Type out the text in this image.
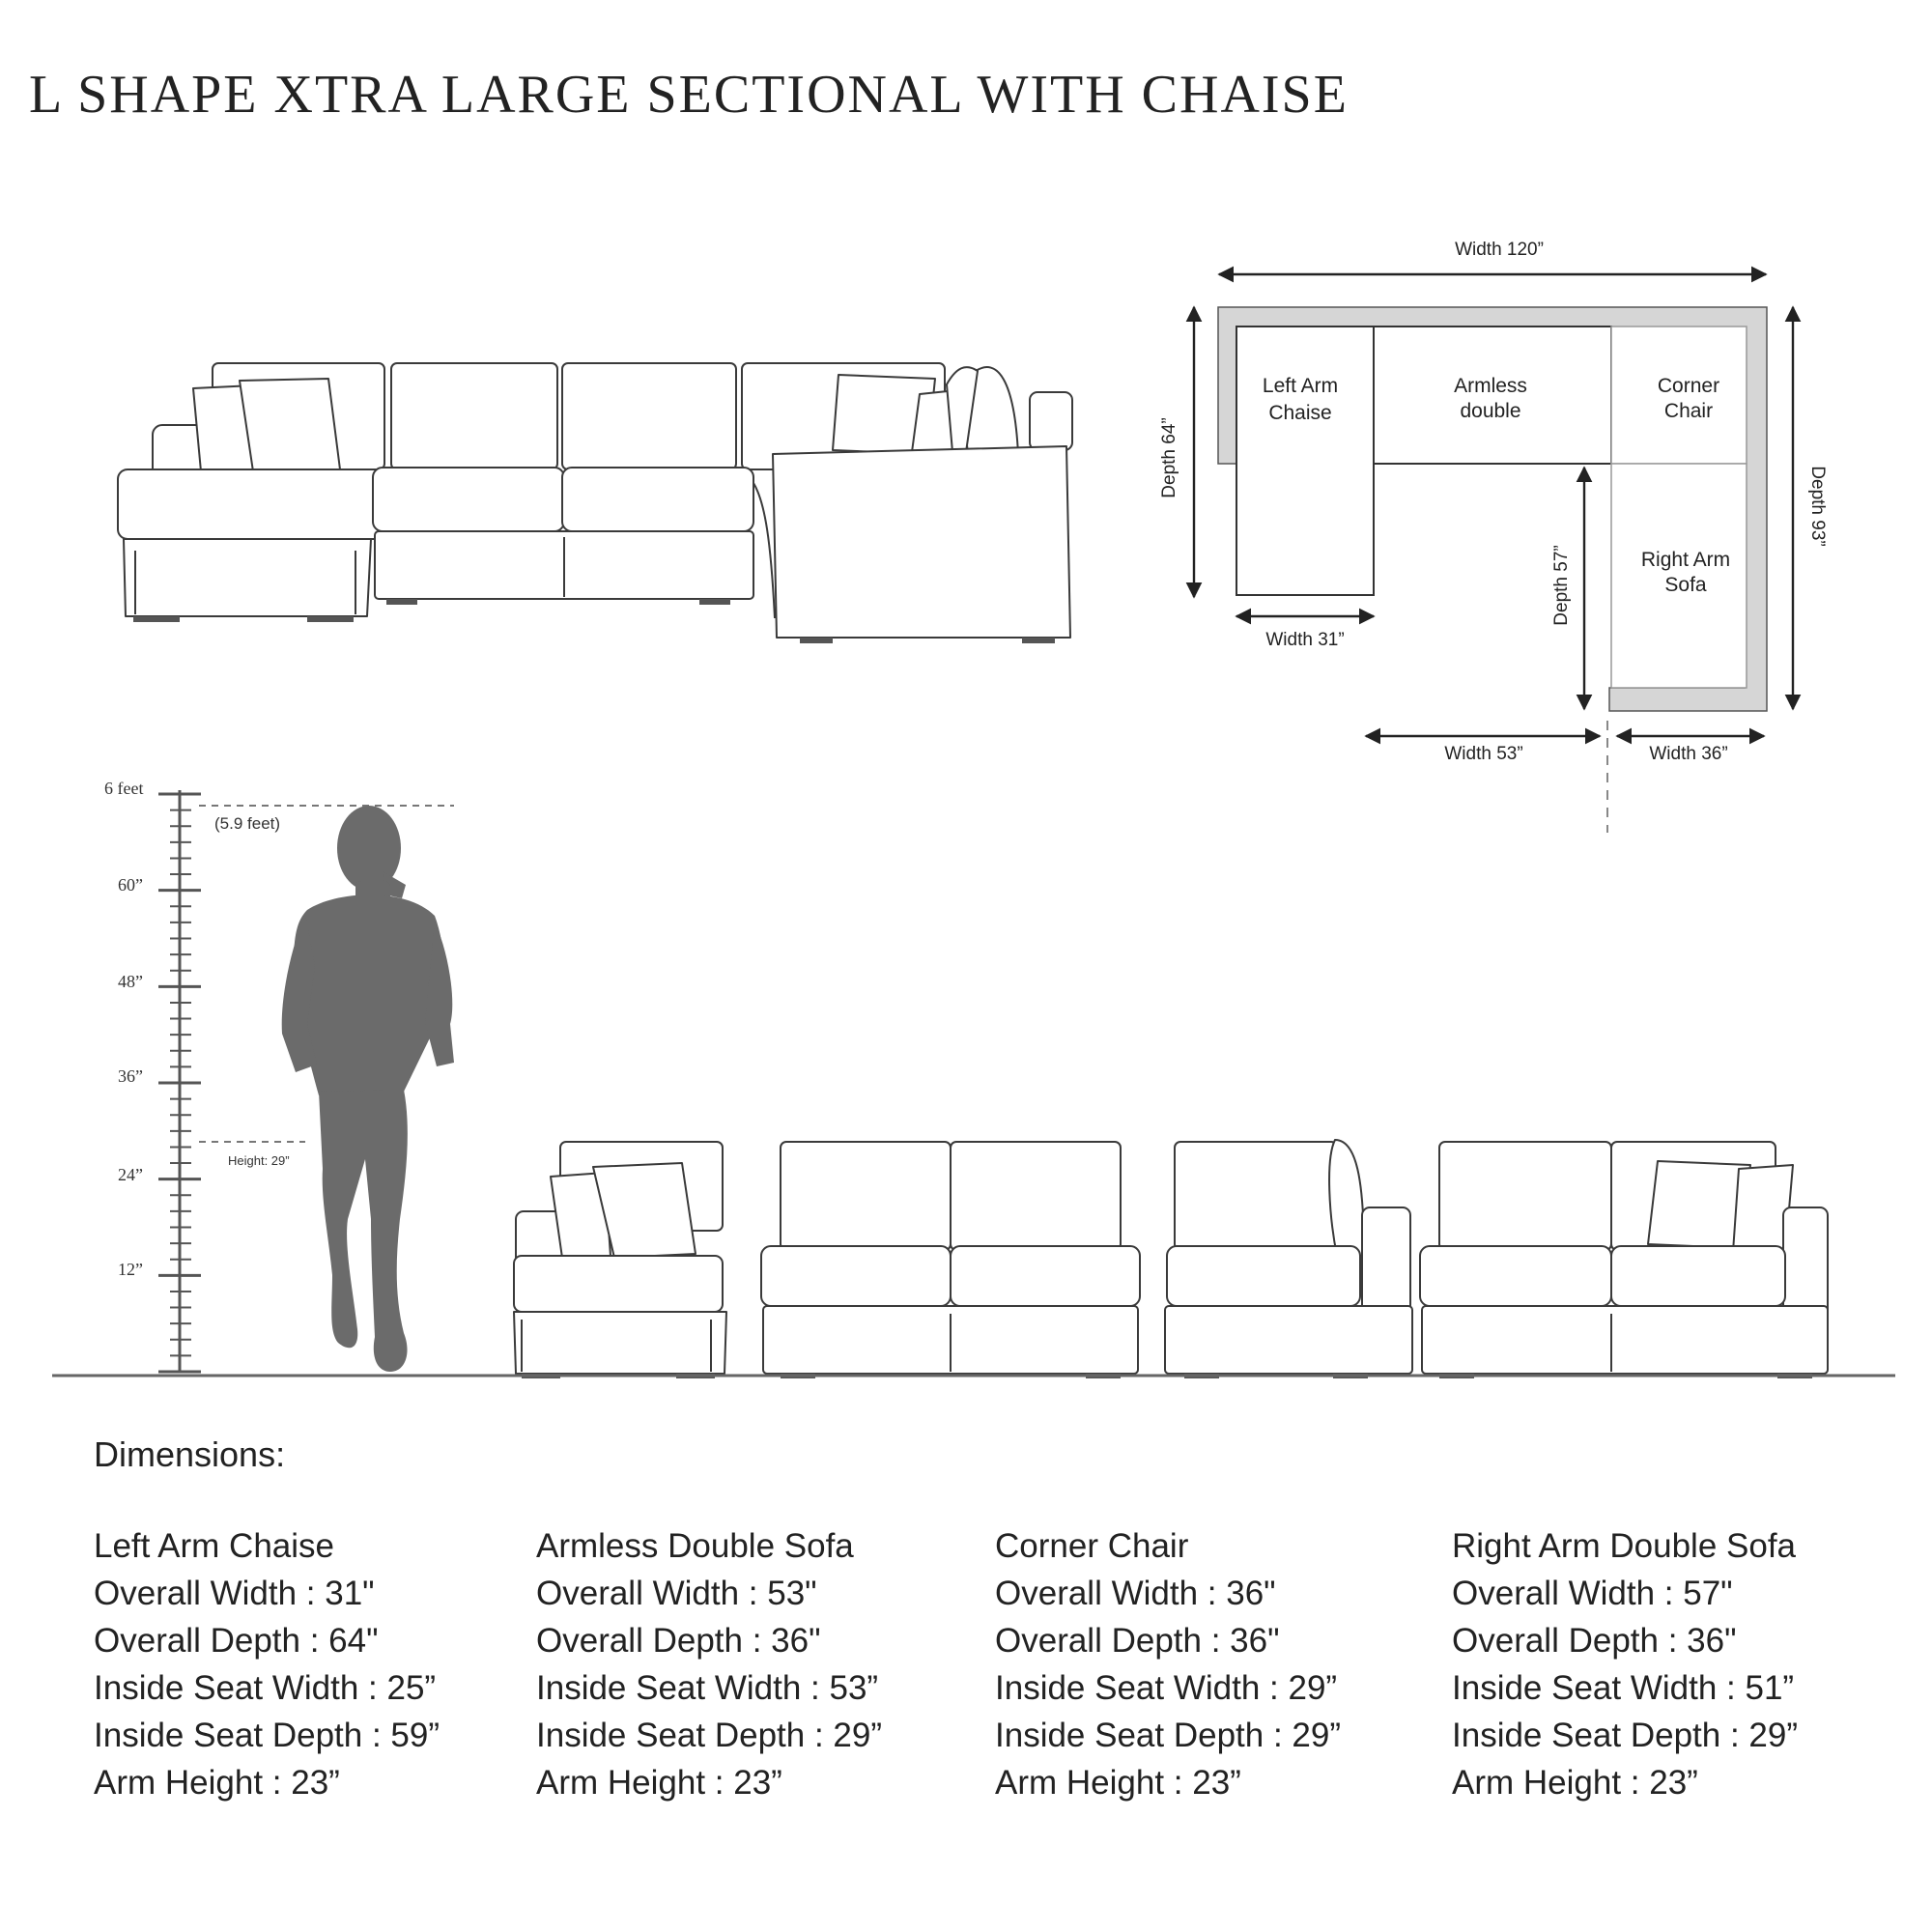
L SHAPE XTRA LARGE SECTIONAL WITH CHAISE
Left Arm
Chaise
Armless
double
Corner
Chair
Right Arm
Sofa
Width 120”
Depth 64”
Depth 93”
Depth 57”
Width 31”
Width 53”	Width 36”
6 feet
60”
48”
36”
24”
12”
(5.9 feet)
Height: 29”
Dimensions:
Left Arm Chaise
Overall Width : 31"
Overall Depth : 64"
Inside Seat Width : 25”
Inside Seat Depth : 59”
Arm Height : 23”
Armless Double Sofa
Overall Width : 53"
Overall Depth : 36"
Inside Seat Width : 53”
Inside Seat Depth : 29”
Arm Height : 23”
Corner Chair
Overall Width : 36"
Overall Depth : 36"
Inside Seat Width : 29”
Inside Seat Depth : 29”
Arm Height : 23”
Right Arm Double Sofa
Overall Width : 57"
Overall Depth : 36"
Inside Seat Width : 51”
Inside Seat Depth : 29”
Arm Height : 23”
